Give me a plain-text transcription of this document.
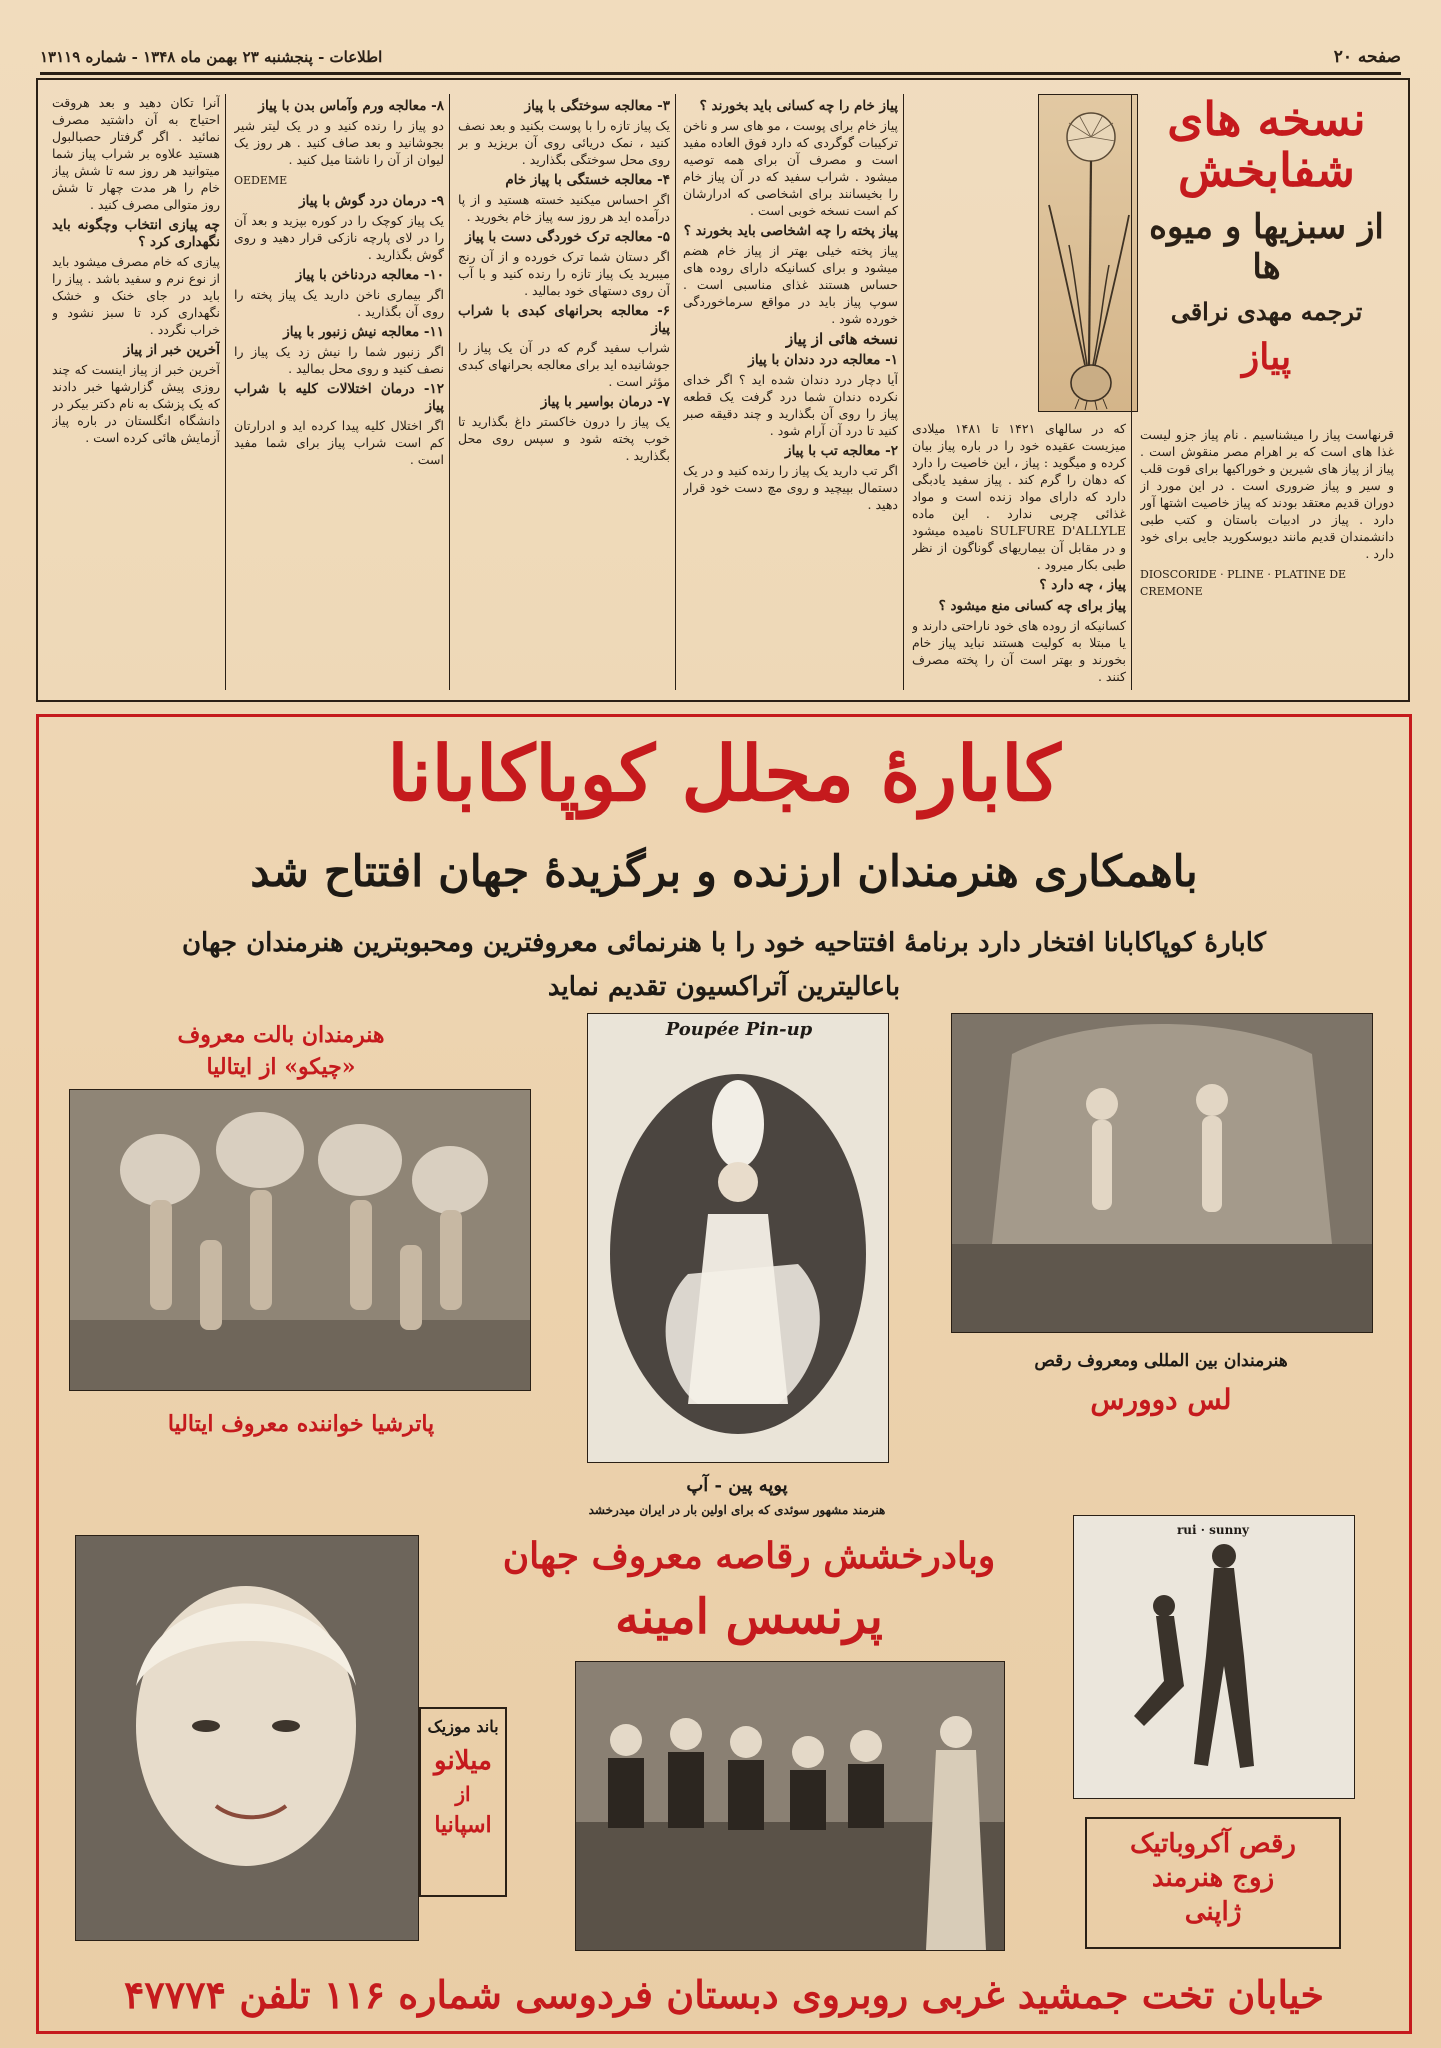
صفحه ۲۰
اطلاعات - پنجشنبه ۲۳ بهمن ماه ۱۳۴۸ - شماره ۱۳۱۱۹
نسخه های شفابخش
از سبزیها و میوه ها
ترجمه مهدی نراقی
پیاز

قرنهاست پیاز را میشناسیم . نام پیاز جزو لیست غذا های است که بر اهرام مصر منقوش است . پیاز از پیاز های شیرین و خوراکیها برای قوت قلب و سیر و پیاز ضروری است . در این مورد از دوران قدیم معتقد بودند که پیاز خاصیت اشتها آور دارد . پیاز در ادبیات باستان و کتب طبی دانشمندان قدیم مانند دیوسکورید جایی برای خود دارد .

DIOSCORIDE · PLINE · PLATINE DE CREMONE

که در سالهای ۱۴۲۱ تا ۱۴۸۱ میلادی میزیست عقیده خود را در باره پیاز بیان کرده و میگوید : پیاز ، این خاصیت را دارد که دهان را گرم کند . پیاز سفید یادبگی دارد که دارای مواد زنده است و مواد غذائی چربی ندارد . این ماده SULFURE D'ALLYLE نامیده میشود و در مقابل آن بیماریهای گوناگون از نظر طبی بکار میرود .

پیاز ، چه دارد ؟
پیاز برای چه کسانی منع میشود ؟

کسانیکه از روده های خود ناراحتی دارند و یا مبتلا به کولیت هستند نباید پیاز خام بخورند و بهتر است آن را پخته مصرف کنند .

پیاز خام را چه کسانی باید بخورند ؟

پیاز خام برای پوست ، مو های سر و ناخن ترکیبات گوگردی که دارد فوق العاده مفید است و مصرف آن برای همه توصیه میشود . شراب سفید که در آن پیاز خام را بخیسانند برای اشخاصی که ادرارشان کم است نسخه خوبی است .

پیاز پخته را چه اشخاصی باید بخورند ؟

پیاز پخته خیلی بهتر از پیاز خام هضم میشود و برای کسانیکه دارای روده های حساس هستند غذای مناسبی است . سوپ پیاز باید در مواقع سرماخوردگی خورده شود .

نسخه هائی از پیاز
۱- معالجه درد دندان با پیاز

آیا دچار درد دندان شده اید ؟ اگر خدای نکرده دندان شما درد گرفت یک قطعه پیاز را روی آن بگذارید و چند دقیقه صبر کنید تا درد آن آرام شود .

۲- معالجه تب با پیاز

اگر تب دارید یک پیاز را رنده کنید و در یک دستمال بپیچید و روی مچ دست خود قرار دهید .

۳- معالجه سوختگی با پیاز

یک پیاز تازه را با پوست بکنید و بعد نصف کنید ، نمک دریائی روی آن بریزید و بر روی محل سوختگی بگذارید .

۴- معالجه خستگی با پیاز خام

اگر احساس میکنید خسته هستید و از پا درآمده اید هر روز سه پیاز خام بخورید .

۵- معالجه ترک خوردگی دست با پیاز

اگر دستان شما ترک خورده و از آن رنج میبرید یک پیاز تازه را رنده کنید و با آب آن روی دستهای خود بمالید .

۶- معالجه بحرانهای کبدی با شراب پیاز

شراب سفید گرم که در آن یک پیاز را جوشانیده اید برای معالجه بحرانهای کبدی مؤثر است .

۷- درمان بواسیر با پیاز

یک پیاز را درون خاکستر داغ بگذارید تا خوب پخته شود و سپس روی محل بگذارید .

۸- معالجه ورم وآماس بدن با پیاز

دو پیاز را رنده کنید و در یک لیتر شیر بجوشانید و بعد صاف کنید . هر روز یک لیوان از آن را ناشتا میل کنید .

OEDEME

۹- درمان درد گوش با پیاز

یک پیاز کوچک را در کوره بپزید و بعد آن را در لای پارچه نازکی قرار دهید و روی گوش بگذارید .

۱۰- معالجه دردناخن با پیاز

اگر بیماری ناخن دارید یک پیاز پخته را روی آن بگذارید .

۱۱- معالجه نیش زنبور با پیاز

اگر زنبور شما را نیش زد یک پیاز را نصف کنید و روی محل بمالید .

۱۲- درمان اختلالات کلیه با شراب پیاز

اگر اختلال کلیه پیدا کرده اید و ادرارتان کم است شراب پیاز برای شما مفید است .

آنرا تکان دهید و بعد هروقت احتیاج به آن داشتید مصرف نمائید . اگر گرفتار حصبالبول هستید علاوه بر شراب پیاز شما میتوانید هر روز سه تا شش پیاز خام را هر مدت چهار تا شش روز متوالی مصرف کنید .

چه پیازی انتخاب وچگونه باید نگهداری کرد ؟

پیازی که خام مصرف میشود باید از نوع نرم و سفید باشد . پیاز را باید در جای خنک و خشک نگهداری کرد تا سبز نشود و خراب نگردد .

آخرین خبر از پیاز

آخرین خبر از پیاز اینست که چند روزی پیش گزارشها خبر دادند که یک پزشک به نام دکتر بیکر در دانشگاه انگلستان در باره پیاز آزمایش هائی کرده است .

کابارهٔ مجلل کوپاکابانا
باهمکاری هنرمندان ارزنده و برگزیدهٔ جهان افتتاح شد
کابارهٔ کوپاکابانا افتخار دارد برنامهٔ افتتاحیه خود را با هنرنمائی معروفترین ومحبوبترین هنرمندان جهان باعالیترین آتراکسیون تقدیم نماید
هنرمندان بالت معروف
«چیکو» از ایتالیا
پاترشیا خواننده معروف ایتالیا
Poupée Pin-up
پوپه پین - آپ
هنرمند مشهور سوئدی که برای اولین بار در ایران میدرخشد
هنرمندان بین المللی ومعروف رقص
لس دوورس
وبادرخشش رقاصه معروف جهان
پرنسس امینه
باند موزیک
میلانو
از
اسپانیا
rui · sunny
رقص آکروباتیک
زوج هنرمند
ژاپنی
خیابان تخت جمشید غربی روبروی دبستان فردوسی شماره ۱۱۶ تلفن ۴۷۷۷۴
